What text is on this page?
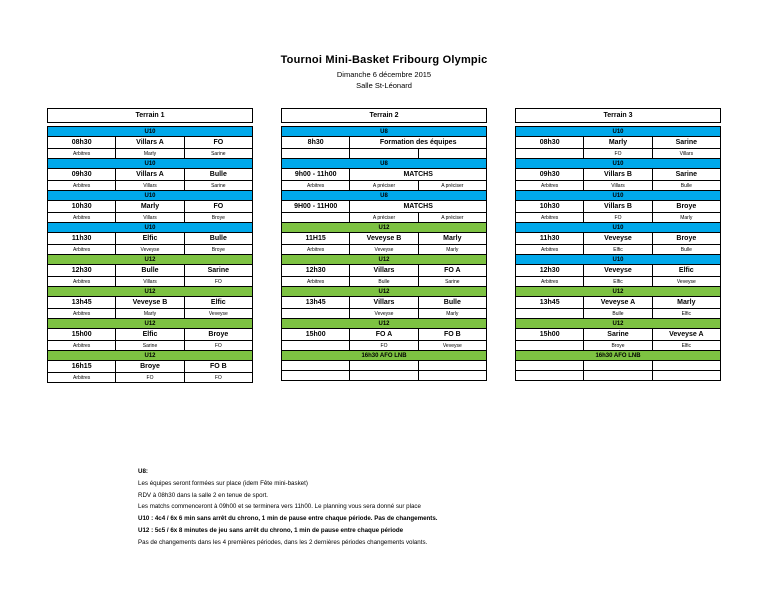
Tournoi Mini-Basket Fribourg Olympic
Dimanche 6 décembre 2015
Salle St-Léonard
Terrain 1
U10		
08h30	Villars A	FO
Arbitres	Marly	Sarine
U10		
09h30	Villars A	Bulle
Arbitres	Villars	Sarine
U10		
10h30	Marly	FO
Arbitres	Villars	Broye
U10		
11h30	Elfic	Bulle
Arbitres	Veveyse	Broye
U12		
12h30	Bulle	Sarine
Arbitres	Villars	FO
U12		
13h45	Veveyse B	Elfic
Arbitres	Marly	Veveyse
U12		
15h00	Elfic	Broye
Arbitres	Sarine	FO
U12		
16h15	Broye	FO B
Arbitres	FO	FO
Terrain 2
U8		
8h30	Formation des équipes	

U8		
9h00 - 11h00	MATCHS	
Arbitres	A préciser	A préciser
U8		
9H00 - 11H00	MATCHS	
	A préciser	A préciser
U12		
11H15	Veveyse B	Marly
Arbitres	Veveyse	Marly
U12		
12h30	Villars	FO A
Arbitres	Bulle	Sarine
U12		
13h45	Villars	Bulle
	Veveyse	Marly
U12		
15h00	FO A	FO B
	FO	Veveyse
16h30 AFO LNB		

Terrain 3
U10		
08h30	Marly	Sarine
	FO	Villars
U10		
09h30	Villars B	Sarine
Arbitres	Villars	Bulle
U10		
10h30	Villars B	Broye
Arbitres	FO	Marly
U10		
11h30	Veveyse	Broye
Arbitres	Elfic	Bulle
U10		
12h30	Veveyse	Elfic
Arbitres	Elfic	Veveyse
U12		
13h45	Veveyse A	Marly
	Bulle	Elfic
U12		
15h00	Sarine	Veveyse A
	Broye	Elfic
16h30 AFO LNB		

U8:
Les équipes seront formées sur place (idem Fête mini-basket)
RDV à 08h30 dans la salle 2 en tenue de sport.
Les matchs commenceront à 09h00 et se terminera vers 11h00. Le planning vous sera donné sur place
U10 : 4c4 / 6x 6 min sans arrêt du chrono, 1 min de pause entre chaque période. Pas de changements.
U12 : 5c5 / 6x 8 minutes de jeu sans arrêt du chrono, 1 min de pause entre chaque période
Pas de changements dans les 4 premières périodes, dans les 2 dernières périodes changements volants.
